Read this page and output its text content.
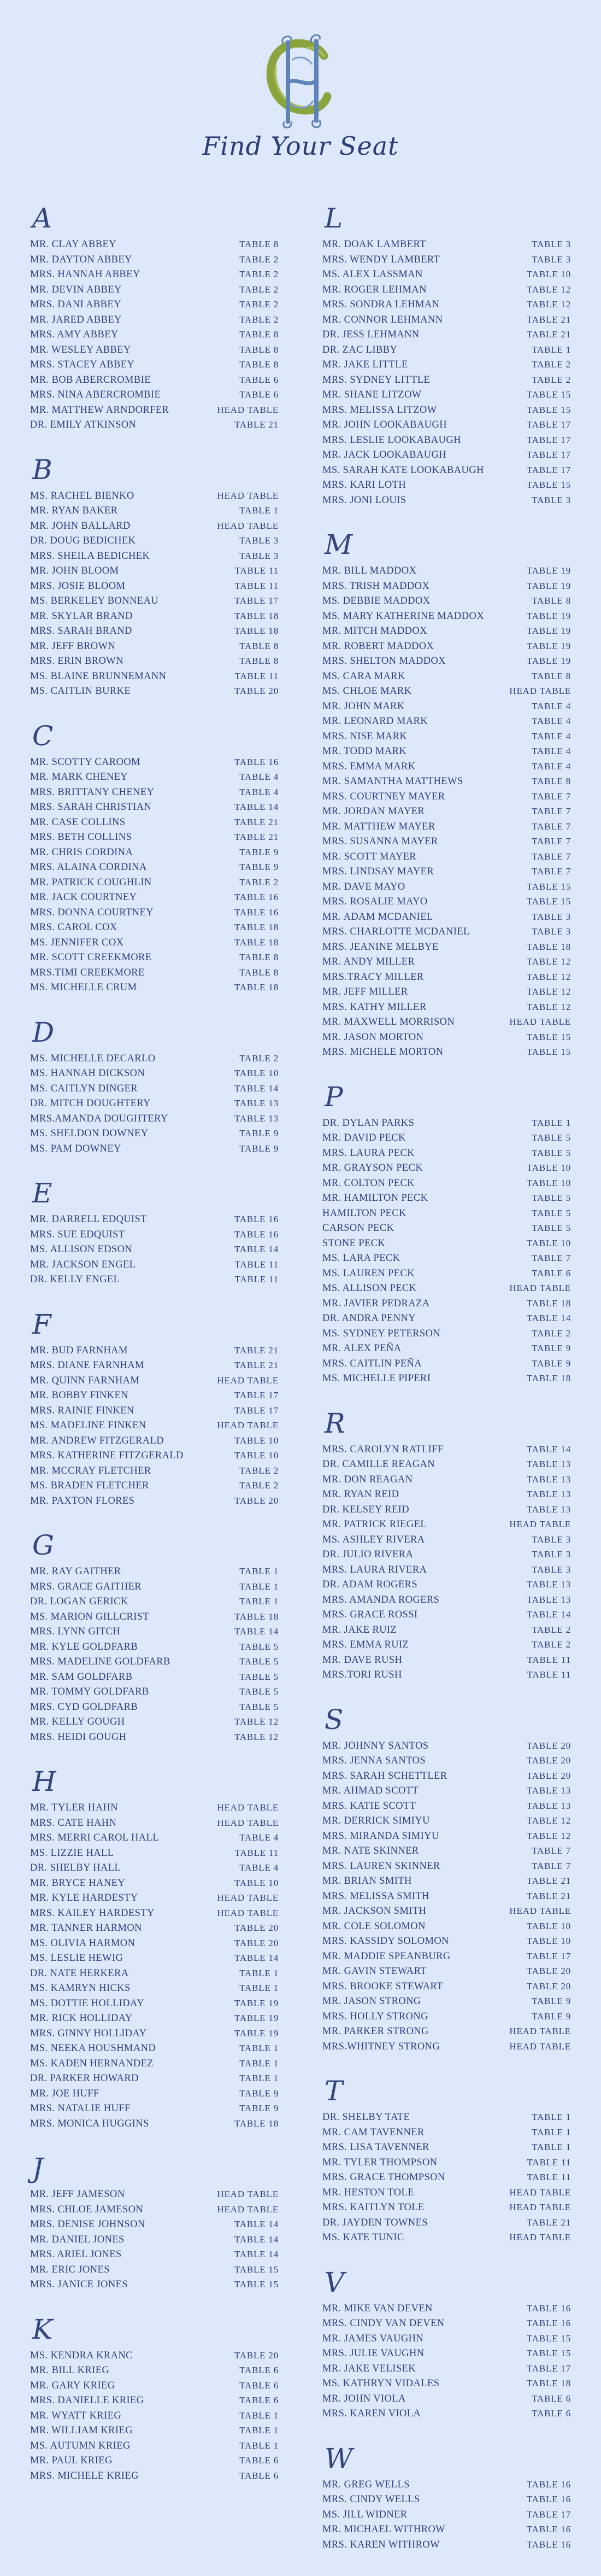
Find Your Seat
A
MR. CLAY ABBEY	TABLE 8
MR. DAYTON ABBEY	TABLE 2
MRS. HANNAH ABBEY	TABLE 2
MR. DEVIN ABBEY	TABLE 2
MRS. DANI ABBEY	TABLE 2
MR. JARED ABBEY	TABLE 2
MRS. AMY ABBEY	TABLE 8
MR. WESLEY ABBEY	TABLE 8
MRS. STACEY ABBEY	TABLE 8
MR. BOB ABERCROMBIE	TABLE 6
MRS. NINA ABERCROMBIE	TABLE 6
MR. MATTHEW ARNDORFER	HEAD TABLE
DR. EMILY ATKINSON	TABLE 21
B
MS. RACHEL BIENKO	HEAD TABLE
MR. RYAN BAKER	TABLE 1
MR. JOHN BALLARD	HEAD TABLE
DR. DOUG BEDICHEK	TABLE 3
MRS. SHEILA BEDICHEK	TABLE 3
MR. JOHN BLOOM	TABLE 11
MRS. JOSIE BLOOM	TABLE 11
MS. BERKELEY BONNEAU	TABLE 17
MR. SKYLAR BRAND	TABLE 18
MRS. SARAH BRAND	TABLE 18
MR. JEFF BROWN	TABLE 8
MRS. ERIN BROWN	TABLE 8
MS. BLAINE BRUNNEMANN	TABLE 11
MS. CAITLIN BURKE	TABLE 20
C
MR. SCOTTY CAROOM	TABLE 16
MR. MARK CHENEY	TABLE 4
MRS. BRITTANY CHENEY	TABLE 4
MRS. SARAH CHRISTIAN	TABLE 14
MR. CASE COLLINS	TABLE 21
MRS. BETH COLLINS	TABLE 21
MR. CHRIS CORDINA	TABLE 9
MRS. ALAINA CORDINA	TABLE 9
MR. PATRICK COUGHLIN	TABLE 2
MR. JACK COURTNEY	TABLE 16
MRS. DONNA COURTNEY	TABLE 16
MRS. CAROL COX	TABLE 18
MS. JENNIFER COX	TABLE 18
MR. SCOTT CREEKMORE	TABLE 8
MRS.TIMI CREEKMORE	TABLE 8
MS. MICHELLE CRUM	TABLE 18
D
MS. MICHELLE DECARLO	TABLE 2
MS. HANNAH DICKSON	TABLE 10
MS. CAITLYN DINGER	TABLE 14
DR. MITCH DOUGHTERY	TABLE 13
MRS.AMANDA DOUGHTERY	TABLE 13
MS. SHELDON DOWNEY	TABLE 9
MS. PAM DOWNEY	TABLE 9
E
MR. DARRELL EDQUIST	TABLE 16
MRS. SUE EDQUIST	TABLE 16
MS. ALLISON EDSON	TABLE 14
MR. JACKSON ENGEL	TABLE 11
DR. KELLY ENGEL	TABLE 11
F
MR. BUD FARNHAM	TABLE 21
MRS. DIANE FARNHAM	TABLE 21
MR. QUINN FARNHAM	HEAD TABLE
MR. BOBBY FINKEN	TABLE 17
MRS. RAINIE FINKEN	TABLE 17
MS. MADELINE FINKEN	HEAD TABLE
MR. ANDREW FITZGERALD	TABLE 10
MRS. KATHERINE FITZGERALD	TABLE 10
MR. MCCRAY FLETCHER	TABLE 2
MS. BRADEN FLETCHER	TABLE 2
MR. PAXTON FLORES	TABLE 20
G
MR. RAY GAITHER	TABLE 1
MRS. GRACE GAITHER	TABLE 1
DR. LOGAN GERICK	TABLE 1
MS. MARION GILLCRIST	TABLE 18
MRS. LYNN GITCH	TABLE 14
MR. KYLE GOLDFARB	TABLE 5
MRS. MADELINE GOLDFARB	TABLE 5
MR. SAM GOLDFARB	TABLE 5
MR. TOMMY GOLDFARB	TABLE 5
MRS. CYD GOLDFARB	TABLE 5
MR. KELLY GOUGH	TABLE 12
MRS. HEIDI GOUGH	TABLE 12
H
MR. TYLER HAHN	HEAD TABLE
MRS. CATE HAHN	HEAD TABLE
MRS. MERRI CAROL HALL	TABLE 4
MS. LIZZIE HALL	TABLE 11
DR. SHELBY HALL	TABLE 4
MR. BRYCE HANEY	TABLE 10
MR. KYLE HARDESTY	HEAD TABLE
MRS. KAILEY HARDESTY	HEAD TABLE
MR. TANNER HARMON	TABLE 20
MS. OLIVIA HARMON	TABLE 20
MS. LESLIE HEWIG	TABLE 14
DR. NATE HERKERA	TABLE 1
MS. KAMRYN HICKS	TABLE 1
MS. DOTTIE HOLLIDAY	TABLE 19
MR. RICK HOLLIDAY	TABLE 19
MRS. GINNY HOLLIDAY	TABLE 19
MS. NEEKA HOUSHMAND	TABLE 1
MS. KADEN HERNANDEZ	TABLE 1
DR. PARKER HOWARD	TABLE 1
MR. JOE HUFF	TABLE 9
MRS. NATALIE HUFF	TABLE 9
MRS. MONICA HUGGINS	TABLE 18
J
MR. JEFF JAMESON	HEAD TABLE
MRS. CHLOE JAMESON	HEAD TABLE
MRS. DENISE JOHNSON	TABLE 14
MR. DANIEL JONES	TABLE 14
MRS. ARIEL JONES	TABLE 14
MR. ERIC JONES	TABLE 15
MRS. JANICE JONES	TABLE 15
K
MS. KENDRA KRANC	TABLE 20
MR. BILL KRIEG	TABLE 6
MR. GARY KRIEG	TABLE 6
MRS. DANIELLE KRIEG	TABLE 6
MR. WYATT KRIEG	TABLE 1
MR. WILLIAM KRIEG	TABLE 1
MS. AUTUMN KRIEG	TABLE 1
MR. PAUL KRIEG	TABLE 6
MRS. MICHELE KRIEG	TABLE 6
L
MR. DOAK LAMBERT	TABLE 3
MRS. WENDY LAMBERT	TABLE 3
MS. ALEX LASSMAN	TABLE 10
MR. ROGER LEHMAN	TABLE 12
MRS. SONDRA LEHMAN	TABLE 12
MR. CONNOR LEHMANN	TABLE 21
DR. JESS LEHMANN	TABLE 21
DR. ZAC LIBBY	TABLE 1
MR. JAKE LITTLE	TABLE 2
MRS. SYDNEY LITTLE	TABLE 2
MR. SHANE LITZOW	TABLE 15
MRS. MELISSA LITZOW	TABLE 15
MR. JOHN LOOKABAUGH	TABLE 17
MRS. LESLIE LOOKABAUGH	TABLE 17
MR. JACK LOOKABAUGH	TABLE 17
MS. SARAH KATE LOOKABAUGH	TABLE 17
MRS. KARI LOTH	TABLE 15
MRS. JONI LOUIS	TABLE 3
M
MR. BILL MADDOX	TABLE 19
MRS. TRISH MADDOX	TABLE 19
MS. DEBBIE MADDOX	TABLE 8
MS. MARY KATHERINE MADDOX	TABLE 19
MR. MITCH MADDOX	TABLE 19
MR. ROBERT MADDOX	TABLE 19
MRS. SHELTON MADDOX	TABLE 19
MS. CARA MARK	TABLE 8
MS. CHLOE MARK	HEAD TABLE
MR. JOHN MARK	TABLE 4
MR. LEONARD MARK	TABLE 4
MRS. NISE MARK	TABLE 4
MR. TODD MARK	TABLE 4
MRS. EMMA MARK	TABLE 4
MR. SAMANTHA MATTHEWS	TABLE 8
MRS. COURTNEY MAYER	TABLE 7
MR. JORDAN MAYER	TABLE 7
MR. MATTHEW MAYER	TABLE 7
MRS. SUSANNA MAYER	TABLE 7
MR. SCOTT MAYER	TABLE 7
MRS. LINDSAY MAYER	TABLE 7
MR. DAVE MAYO	TABLE 15
MRS. ROSALIE MAYO	TABLE 15
MR. ADAM MCDANIEL	TABLE 3
MRS. CHARLOTTE MCDANIEL	TABLE 3
MRS. JEANINE MELBYE	TABLE 18
MR. ANDY MILLER	TABLE 12
MRS.TRACY MILLER	TABLE 12
MR. JEFF MILLER	TABLE 12
MRS. KATHY MILLER	TABLE 12
MR. MAXWELL MORRISON	HEAD TABLE
MR. JASON MORTON	TABLE 15
MRS. MICHELE MORTON	TABLE 15
P
DR. DYLAN PARKS	TABLE 1
MR. DAVID PECK	TABLE 5
MRS. LAURA PECK	TABLE 5
MR. GRAYSON PECK	TABLE 10
MR. COLTON PECK	TABLE 10
MR. HAMILTON PECK	TABLE 5
HAMILTON PECK	TABLE 5
CARSON PECK	TABLE 5
STONE PECK	TABLE 10
MS. LARA PECK	TABLE 7
MS. LAUREN PECK	TABLE 6
MS. ALLISON PECK	HEAD TABLE
MR. JAVIER PEDRAZA	TABLE 18
DR. ANDRA PENNY	TABLE 14
MS. SYDNEY PETERSON	TABLE 2
MR. ALEX PEÑA	TABLE 9
MRS. CAITLIN PEÑA	TABLE 9
MS. MICHELLE PIPERI	TABLE 18
R
MRS. CAROLYN RATLIFF	TABLE 14
DR. CAMILLE REAGAN	TABLE 13
MR. DON REAGAN	TABLE 13
MR. RYAN REID	TABLE 13
DR. KELSEY REID	TABLE 13
MR. PATRICK RIEGEL	HEAD TABLE
MS. ASHLEY RIVERA	TABLE 3
DR. JULIO RIVERA	TABLE 3
MRS. LAURA RIVERA	TABLE 3
DR. ADAM ROGERS	TABLE 13
MRS. AMANDA ROGERS	TABLE 13
MRS. GRACE ROSSI	TABLE 14
MR. JAKE RUIZ	TABLE 2
MRS. EMMA RUIZ	TABLE 2
MR. DAVE RUSH	TABLE 11
MRS.TORI RUSH	TABLE 11
S
MR. JOHNNY SANTOS	TABLE 20
MRS. JENNA SANTOS	TABLE 20
MRS. SARAH SCHETTLER	TABLE 20
MR. AHMAD SCOTT	TABLE 13
MRS. KATIE SCOTT	TABLE 13
MR. DERRICK SIMIYU	TABLE 12
MRS. MIRANDA SIMIYU	TABLE 12
MR. NATE SKINNER	TABLE 7
MRS. LAUREN SKINNER	TABLE 7
MR. BRIAN SMITH	TABLE 21
MRS. MELISSA SMITH	TABLE 21
MR. JACKSON SMITH	HEAD TABLE
MR. COLE SOLOMON	TABLE 10
MRS. KASSIDY SOLOMON	TABLE 10
MR. MADDIE SPEANBURG	TABLE 17
MR. GAVIN STEWART	TABLE 20
MRS. BROOKE STEWART	TABLE 20
MR. JASON STRONG	TABLE 9
MRS. HOLLY STRONG	TABLE 9
MR. PARKER STRONG	HEAD TABLE
MRS.WHITNEY STRONG	HEAD TABLE
T
DR. SHELBY TATE	TABLE 1
MR. CAM TAVENNER	TABLE 1
MRS. LISA TAVENNER	TABLE 1
MR. TYLER THOMPSON	TABLE 11
MRS. GRACE THOMPSON	TABLE 11
MR. HESTON TOLE	HEAD TABLE
MRS. KAITLYN TOLE	HEAD TABLE
DR. JAYDEN TOWNES	TABLE 21
MS. KATE TUNIC	HEAD TABLE
V
MR. MIKE VAN DEVEN	TABLE 16
MRS. CINDY VAN DEVEN	TABLE 16
MR. JAMES VAUGHN	TABLE 15
MRS. JULIE VAUGHN	TABLE 15
MR. JAKE VELISEK	TABLE 17
MS. KATHRYN VIDALES	TABLE 18
MR. JOHN VIOLA	TABLE 6
MRS. KAREN VIOLA	TABLE 6
W
MR. GREG WELLS	TABLE 16
MRS. CINDY WELLS	TABLE 16
MS. JILL WIDNER	TABLE 17
MR. MICHAEL WITHROW	TABLE 16
MRS. KAREN WITHROW	TABLE 16
